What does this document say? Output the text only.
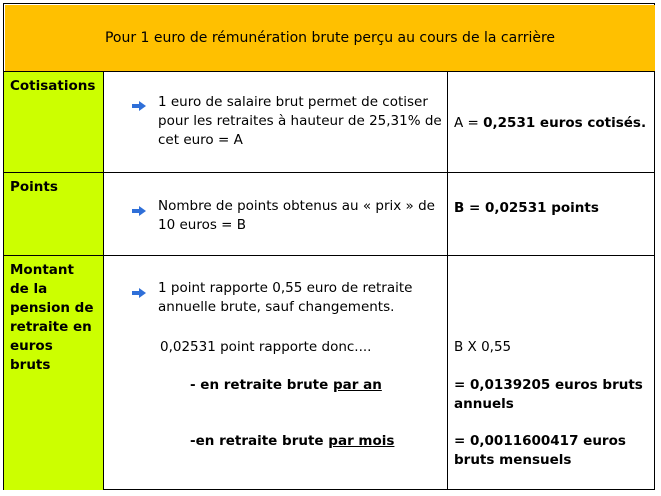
Pour 1 euro de rémunération brute perçu au cours de la carrière
Cotisations
1 euro de salaire brut permet de cotiser pour les retraites à hauteur de 25,31% de cet euro = A
A = 0,2531 euros cotisés.
Points
Nombre de points obtenus au « prix » de 10 euros = B
B = 0,02531 points
Montant de la pension de retraite en euros bruts
1 point rapporte 0,55 euro de retraite annuelle brute, sauf changements.
0,02531 point rapporte donc....
- en retraite brute par an
-en retraite brute par mois
B X 0,55
= 0,0139205 euros bruts annuels
= 0,0011600417 euros bruts mensuels
